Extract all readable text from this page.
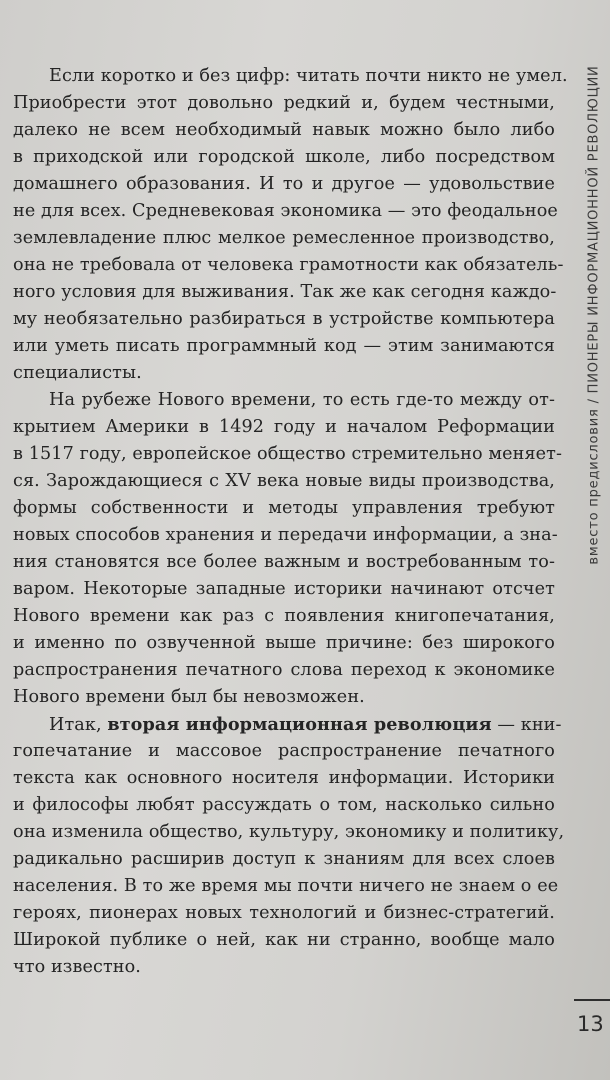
Если коротко и без цифр: читать почти никто не умел.
Приобрести этот довольно редкий и, будем честными,
далеко не всем необходимый навык можно было либо
в приходской или городской школе, либо посредством
домашнего образования. И то и другое — удовольствие
не для всех. Средневековая экономика — это феодальное
землевладение плюс мелкое ремесленное производство,
она не требовала от человека грамотности как обязатель-
ного условия для выживания. Так же как сегодня каждо-
му необязательно разбираться в устройстве компьютера
или уметь писать программный код — этим занимаются
специалисты.
На рубеже Нового времени, то есть где-то между от-
крытием Америки в 1492 году и началом Реформации
в 1517 году, европейское общество стремительно меняет-
ся. Зарождающиеся с XV века новые виды производства,
формы собственности и методы управления требуют
новых способов хранения и передачи информации, а зна-
ния становятся все более важным и востребованным то-
варом. Некоторые западные историки начинают отсчет
Нового времени как раз с появления книгопечатания,
и именно по озвученной выше причине: без широкого
распространения печатного слова переход к экономике
Нового времени был бы невозможен.
Итак, вторая информационная революция — кни-
гопечатание и массовое распространение печатного
текста как основного носителя информации. Историки
и философы любят рассуждать о том, насколько сильно
она изменила общество, культуру, экономику и политику,
радикально расширив доступ к знаниям для всех слоев
населения. В то же время мы почти ничего не знаем о ее
героях, пионерах новых технологий и бизнес-стратегий.
Широкой публике о ней, как ни странно, вообще мало
что известно.
вместо предисловия / ПИОНЕРЫ ИНФОРМАЦИОННОЙ РЕВОЛЮЦИИ
13
